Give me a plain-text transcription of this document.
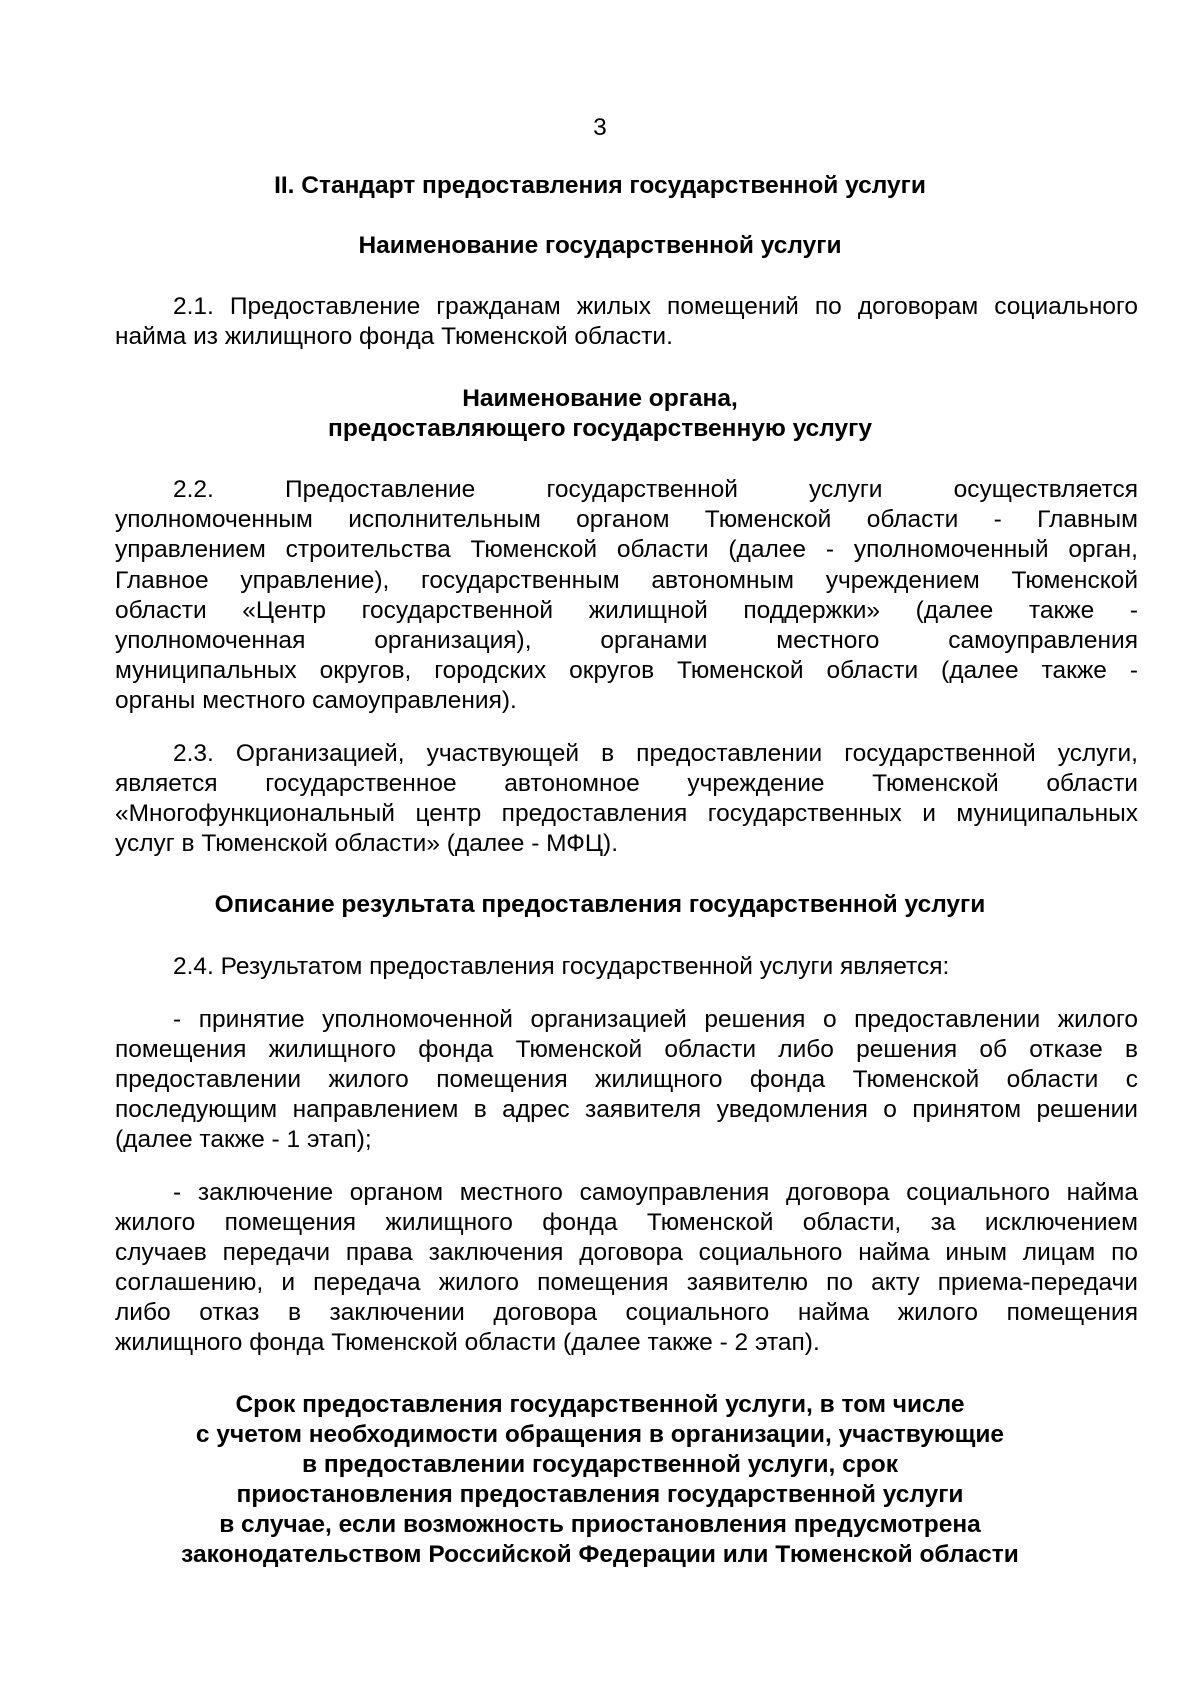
3
II. Стандарт предоставления государственной услуги
Наименование государственной услуги
2.1. Предоставление гражданам жилых помещений по договорам социального
найма из жилищного фонда Тюменской области.
Наименование органа,
предоставляющего государственную услугу
2.2. Предоставление государственной услуги осуществляется
уполномоченным исполнительным органом Тюменской области - Главным
управлением строительства Тюменской области (далее - уполномоченный орган,
Главное управление), государственным автономным учреждением Тюменской
области «Центр государственной жилищной поддержки» (далее также -
уполномоченная организация), органами местного самоуправления
муниципальных округов, городских округов Тюменской области (далее также -
органы местного самоуправления).
2.3. Организацией, участвующей в предоставлении государственной услуги,
является государственное автономное учреждение Тюменской области
«Многофункциональный центр предоставления государственных и муниципальных
услуг в Тюменской области» (далее - МФЦ).
Описание результата предоставления государственной услуги
2.4. Результатом предоставления государственной услуги является:
- принятие уполномоченной организацией решения о предоставлении жилого
помещения жилищного фонда Тюменской области либо решения об отказе в
предоставлении жилого помещения жилищного фонда Тюменской области с
последующим направлением в адрес заявителя уведомления о принятом решении
(далее также - 1 этап);
- заключение органом местного самоуправления договора социального найма
жилого помещения жилищного фонда Тюменской области, за исключением
случаев передачи права заключения договора социального найма иным лицам по
соглашению, и передача жилого помещения заявителю по акту приема-передачи
либо отказ в заключении договора социального найма жилого помещения
жилищного фонда Тюменской области (далее также - 2 этап).
Срок предоставления государственной услуги, в том числе
с учетом необходимости обращения в организации, участвующие
в предоставлении государственной услуги, срок
приостановления предоставления государственной услуги
в случае, если возможность приостановления предусмотрена
законодательством Российской Федерации или Тюменской области
